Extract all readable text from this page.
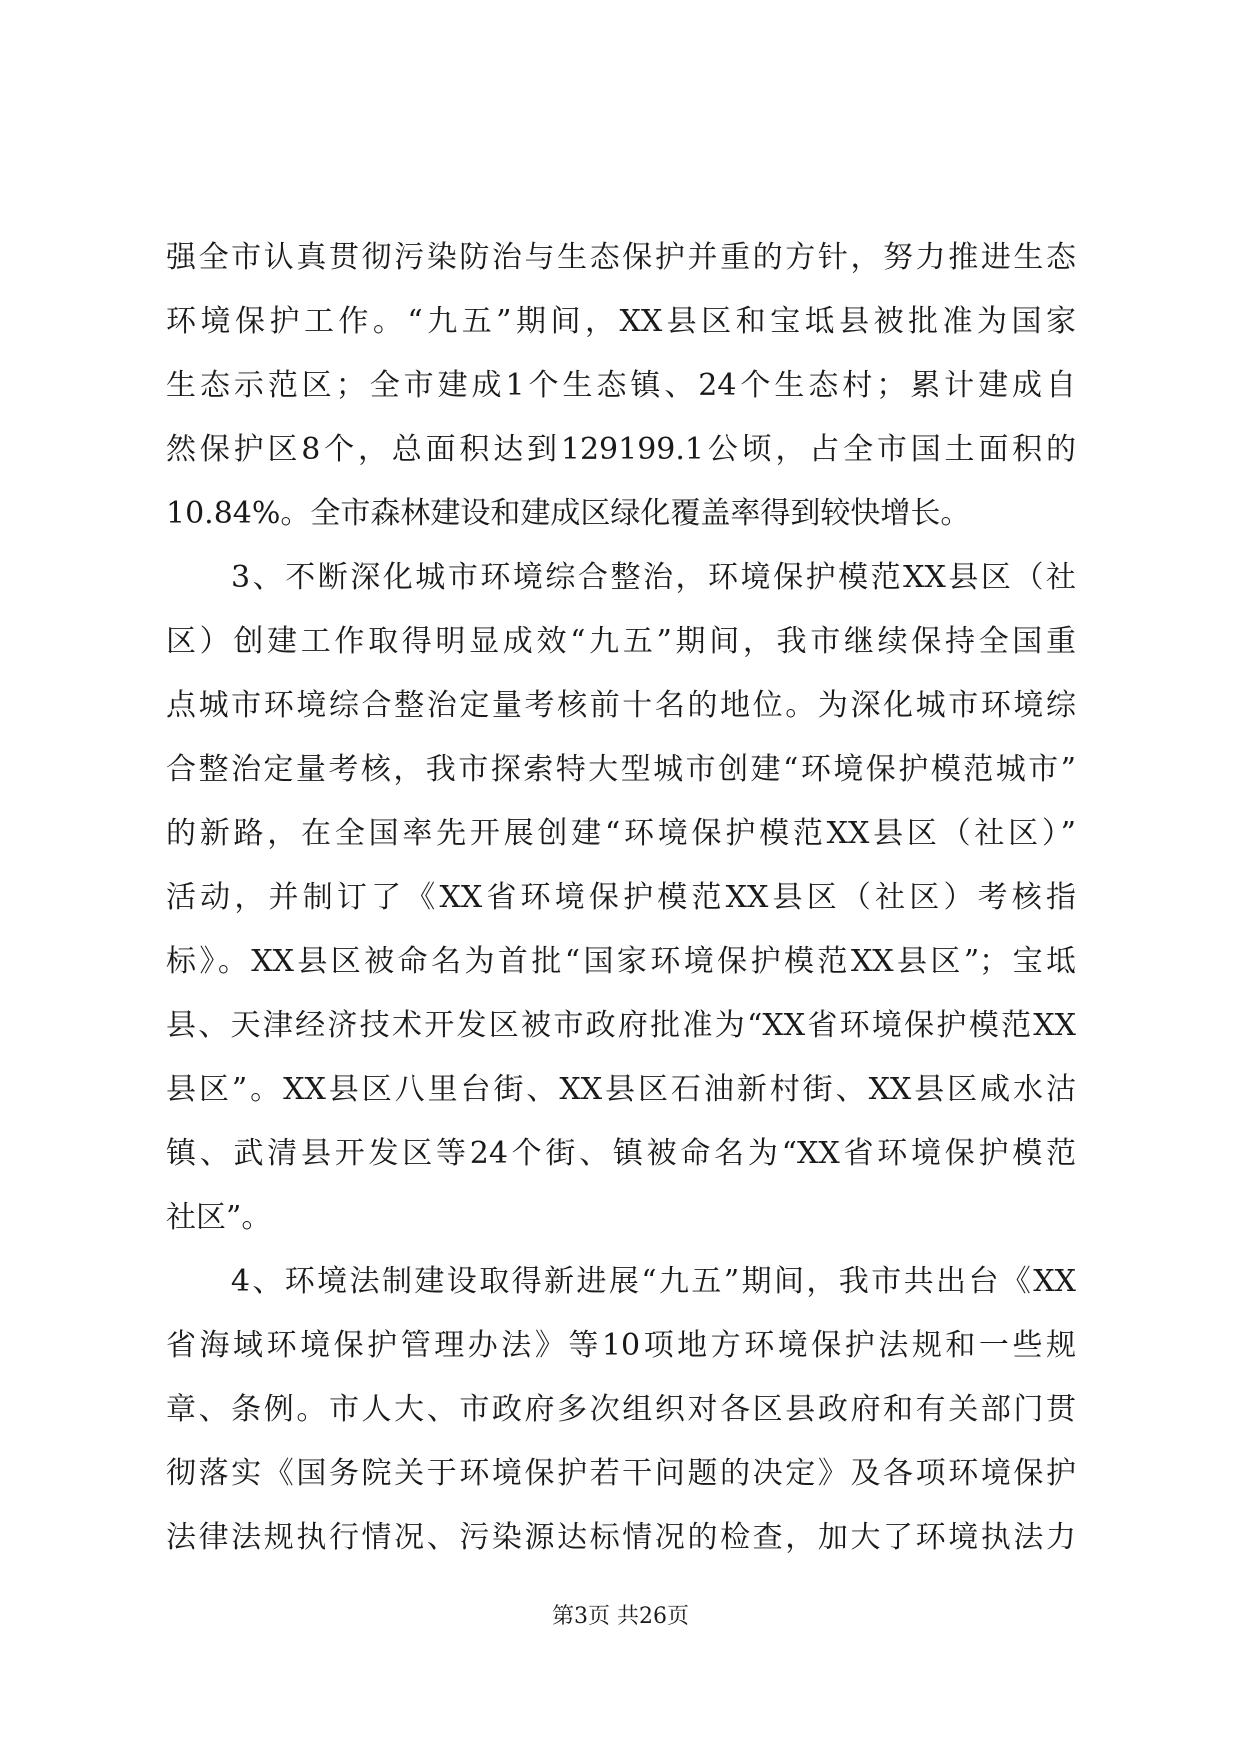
强全市认真贯彻污染防治与生态保护并重的方针，努力推进生态
环境保护工作。“九五”期间，XX县区和宝坻县被批准为国家
生态示范区；全市建成1个生态镇、24个生态村；累计建成自
然保护区8个，总面积达到129199.1公顷，占全市国土面积的
10.84%。全市森林建设和建成区绿化覆盖率得到较快增长。
　　3、不断深化城市环境综合整治，环境保护模范XX县区（社
区）创建工作取得明显成效“九五”期间，我市继续保持全国重
点城市环境综合整治定量考核前十名的地位。为深化城市环境综
合整治定量考核，我市探索特大型城市创建“环境保护模范城市”
的新路，在全国率先开展创建“环境保护模范XX县区（社区）”
活动，并制订了《XX省环境保护模范XX县区（社区）考核指
标》。XX县区被命名为首批“国家环境保护模范XX县区”；宝坻
县、天津经济技术开发区被市政府批准为“XX省环境保护模范XX
县区”。XX县区八里台街、XX县区石油新村街、XX县区咸水沽
镇、武清县开发区等24个街、镇被命名为“XX省环境保护模范
社区”。
　　4、环境法制建设取得新进展“九五”期间，我市共出台《XX
省海域环境保护管理办法》等10项地方环境保护法规和一些规
章、条例。市人大、市政府多次组织对各区县政府和有关部门贯
彻落实《国务院关于环境保护若干问题的决定》及各项环境保护
法律法规执行情况、污染源达标情况的检查，加大了环境执法力
第3页 共26页
